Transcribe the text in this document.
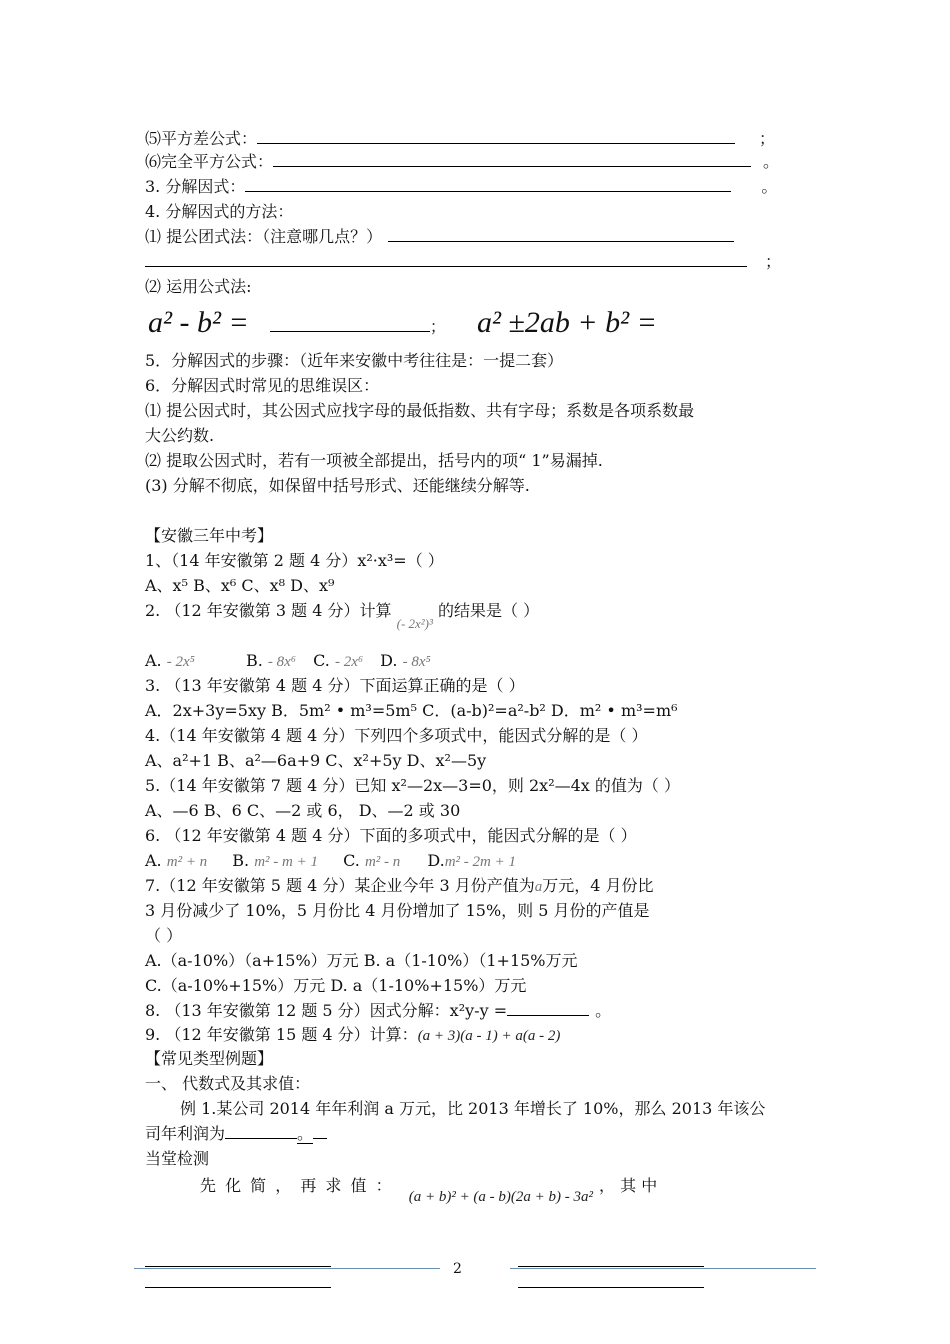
⑸平方差公式：	；
⑹完全平方公式：	。
3. 分解因式：	。
4. 分解因式的方法：
⑴ 提公团式法：（注意哪几点？）
；
⑵ 运用公式法:
a² - b² =	； a² ±2ab + b² =
5．分解因式的步骤：（近年来安徽中考往往是：一提二套）
6．分解因式时常见的思维误区：
⑴ 提公因式时，其公因式应找字母的最低指数、共有字母；系数是各项系数最
大公约数.
⑵ 提取公因式时，若有一项被全部提出，括号内的项“ 1”易漏掉.
(3) 分解不彻底，如保留中括号形式、还能继续分解等.
【安徽三年中考】
1、（14 年安徽第 2 题 4 分）x²·x³=（ ）
A、x⁵ B、x⁶ C、x⁸ D、x⁹
2. （12 年安徽第 3 题 4 分）计算 $_{(- 2x^2)^3}$ 的结果是（ ）
A. - 2x⁵	B. - 8x⁶ C. - 2x⁶ D. - 8x⁵
3. （13 年安徽第 4 题 4 分）下面运算正确的是（ ）
A．2x+3y=5xy B．5m² • m³=5m⁵ C．(a-b)²=a²-b² D．m² • m³=m⁶
4.（14 年安徽第 4 题 4 分）下列四个多项式中，能因式分解的是（ ）
A、a²+1 B、a²—6a+9 C、x²+5y D、x²—5y
5.（14 年安徽第 7 题 4 分）已知 x²—2x—3=0，则 2x²—4x 的值为（ ）
A、—6 B、6 C、—2 或 6， D、—2 或 30
6. （12 年安徽第 4 题 4 分）下面的多项式中，能因式分解的是（ ）
A. m² + n B. m² - m + 1 C. m² - n D.m² - 2m + 1
7.（12 年安徽第 5 题 4 分）某企业今年 3 月份产值为a万元，4 月份比
3 月份减少了 10%，5 月份比 4 月份增加了 15%，则 5 月份的产值是
（ ）
A.（a-10%）（a+15%）万元 B. a（1-10%）（1+15%万元
C.（a-10%+15%）万元 D. a（1-10%+15%）万元
8. （13 年安徽第 12 题 5 分）因式分解：x²y-y =	。
9. （12 年安徽第 15 题 4 分）计算：(a + 3)(a - 1) + a(a - 2)
【常见类型例题】
一、 代数式及其求值：
例 1.某公司 2014 年年利润 a 万元，比 2013 年增长了 10%，那么 2013 年该公
司年利润为	。
当堂检测
先 化 简 ， 再 求 值 ： (a + b)² + (a - b)(2a + b) - 3a²， 其 中
2
